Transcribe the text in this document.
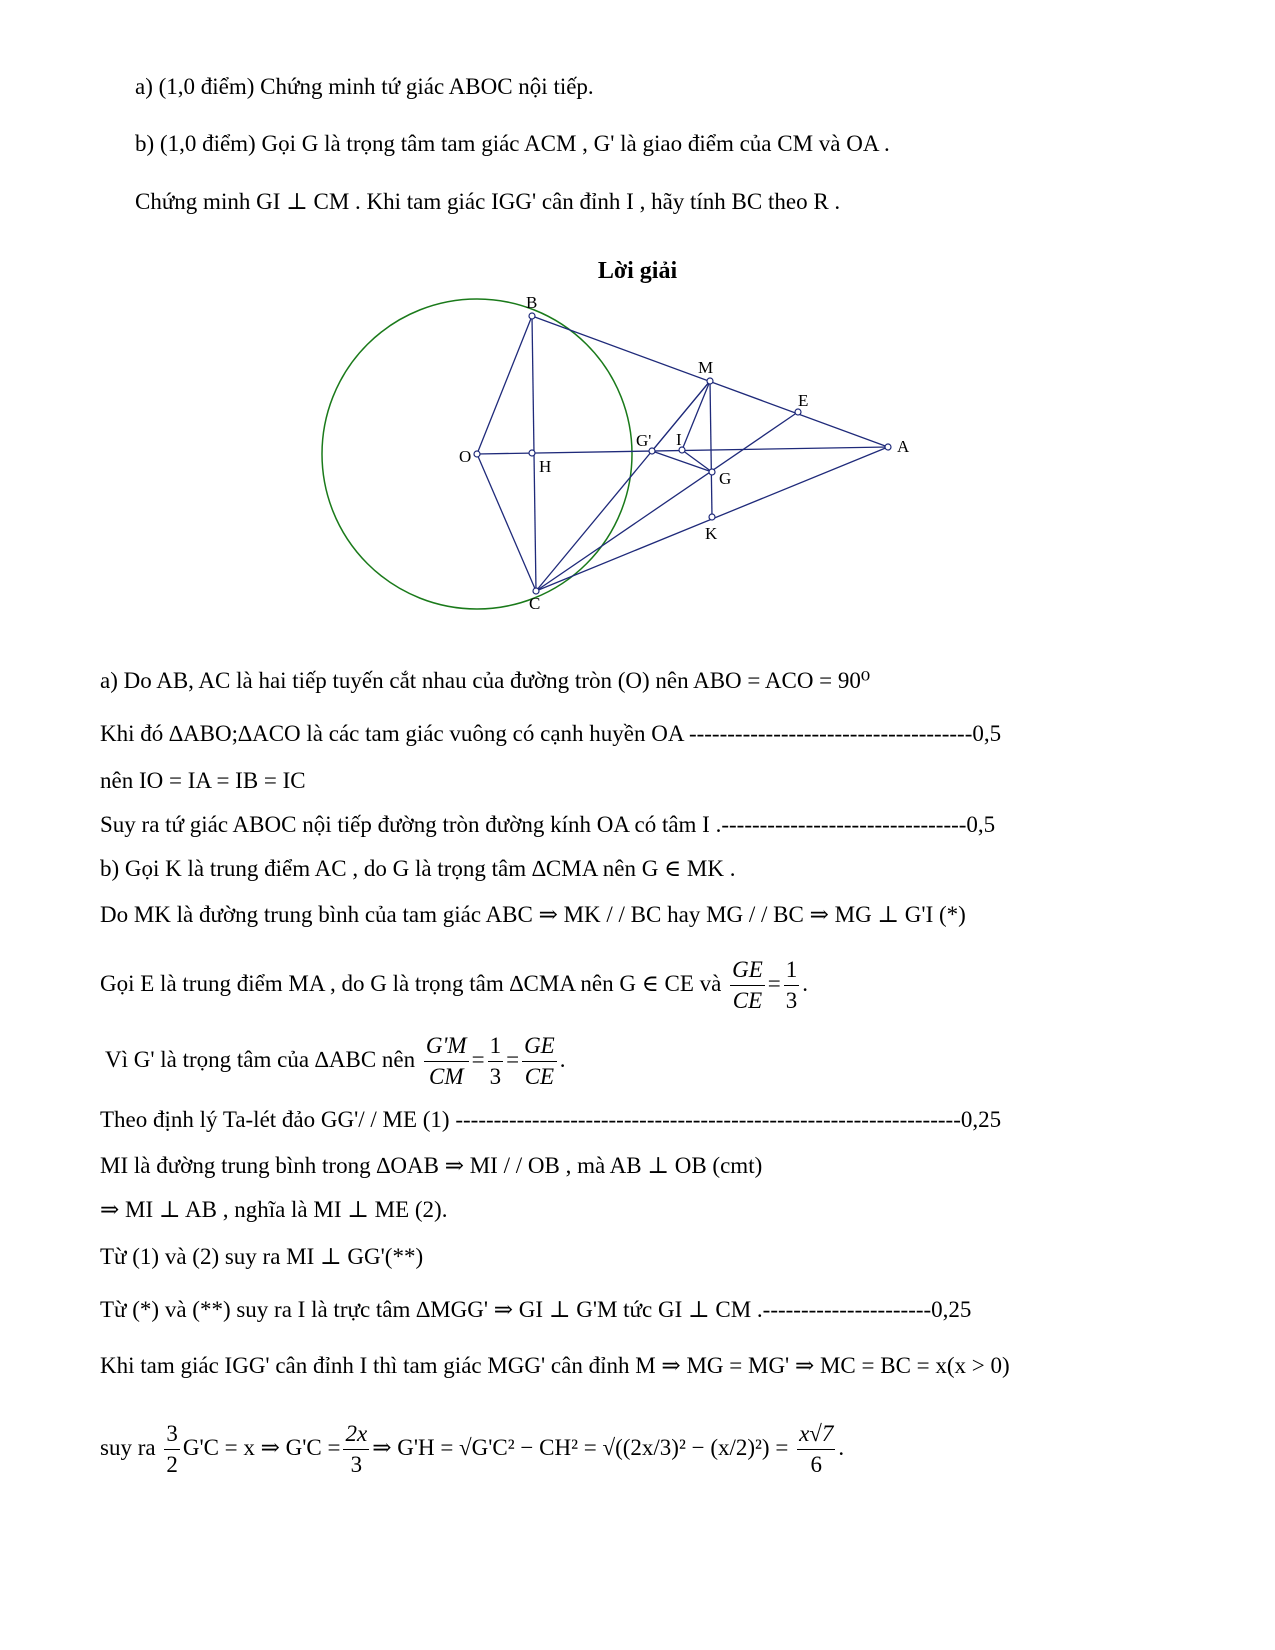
a) (1,0 điểm) Chứng minh tứ giác ABOC nội tiếp.
b) (1,0 điểm) Gọi G là trọng tâm tam giác ACM , G' là giao điểm của CM và OA .
Chứng minh GI ⊥ CM . Khi tam giác IGG' cân đỉnh I , hãy tính BC theo R .
Lời giải
B
M
E
A
O
H
G' I
G
K
C
a) Do AB, AC là hai tiếp tuyến cắt nhau của đường tròn (O) nên ABO = ACO = 90⁰
Khi đó ∆ABO;∆ACO là các tam giác vuông có cạnh huyền OA -------------------------------------0,5
nên IO = IA = IB = IC
Suy ra tứ giác ABOC nội tiếp đường tròn đường kính OA có tâm I .--------------------------------0,5
b) Gọi K là trung điểm AC , do G là trọng tâm ∆CMA nên G ∈ MK .
Do MK là đường trung bình của tam giác ABC ⇒ MK / / BC hay MG / / BC ⇒ MG ⊥ G'I (*)
Gọi E là trung điểm MA , do G là trọng tâm ∆CMA nên G ∈ CE và $\frac{GE}{CE} = \frac{1}{3}$ .
Vì G' là trọng tâm của ∆ABC nên $\frac{G'M}{CM} = \frac{1}{3} = \frac{GE}{CE}$ .
Theo định lý Ta-lét đảo GG'/ / ME (1) ------------------------------------------------------------------0,25
MI là đường trung bình trong ∆OAB ⇒ MI / / OB , mà AB ⊥ OB (cmt)
⇒ MI ⊥ AB , nghĩa là MI ⊥ ME (2).
Từ (1) và (2) suy ra MI ⊥ GG'(**)
Từ (*) và (**) suy ra I là trực tâm ∆MGG' ⇒ GI ⊥ G'M tức GI ⊥ CM .----------------------0,25
Khi tam giác IGG' cân đỉnh I thì tam giác MGG' cân đỉnh M ⇒ MG = MG' ⇒ MC = BC = x(x > 0)
suy ra $\frac{3}{2} G'C = x$ ⇒ $G'C = \frac{2x}{3}$ ⇒ $G'H = √G'C^2 - CH^2 = √((2x/3)^2 - (x/2)^2) = \frac{x√7}{6}$ .
